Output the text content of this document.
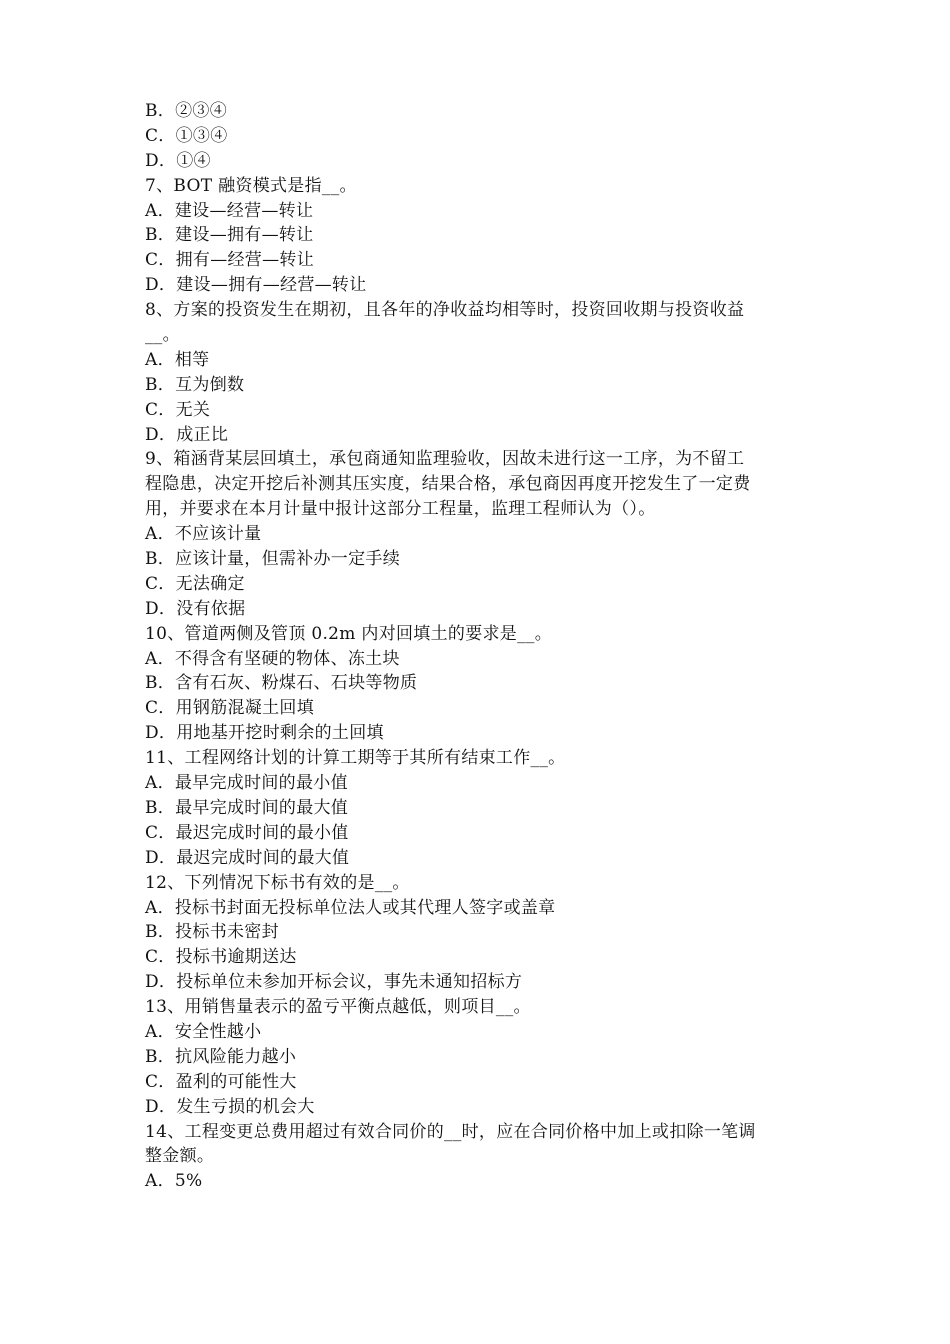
B．②③④
C．①③④
D．①④
7、BOT 融资模式是指__。
A．建设—经营—转让
B．建设—拥有—转让
C．拥有—经营—转让
D．建设—拥有—经营—转让
8、方案的投资发生在期初，且各年的净收益均相等时，投资回收期与投资收益
__。
A．相等
B．互为倒数
C．无关
D．成正比
9、箱涵背某层回填土，承包商通知监理验收，因故未进行这一工序，为不留工
程隐患，决定开挖后补测其压实度，结果合格，承包商因再度开挖发生了一定费
用，并要求在本月计量中报计这部分工程量，监理工程师认为（）。
A．不应该计量
B．应该计量，但需补办一定手续
C．无法确定
D．没有依据
10、管道两侧及管顶 0.2m 内对回填土的要求是__。
A．不得含有坚硬的物体、冻土块
B．含有石灰、粉煤石、石块等物质
C．用钢筋混凝土回填
D．用地基开挖时剩余的土回填
11、工程网络计划的计算工期等于其所有结束工作__。
A．最早完成时间的最小值
B．最早完成时间的最大值
C．最迟完成时间的最小值
D．最迟完成时间的最大值
12、下列情况下标书有效的是__。
A．投标书封面无投标单位法人或其代理人签字或盖章
B．投标书未密封
C．投标书逾期送达
D．投标单位未参加开标会议，事先未通知招标方
13、用销售量表示的盈亏平衡点越低，则项目__。
A．安全性越小
B．抗风险能力越小
C．盈利的可能性大
D．发生亏损的机会大
14、工程变更总费用超过有效合同价的__时，应在合同价格中加上或扣除一笔调
整金额。
A．5%
